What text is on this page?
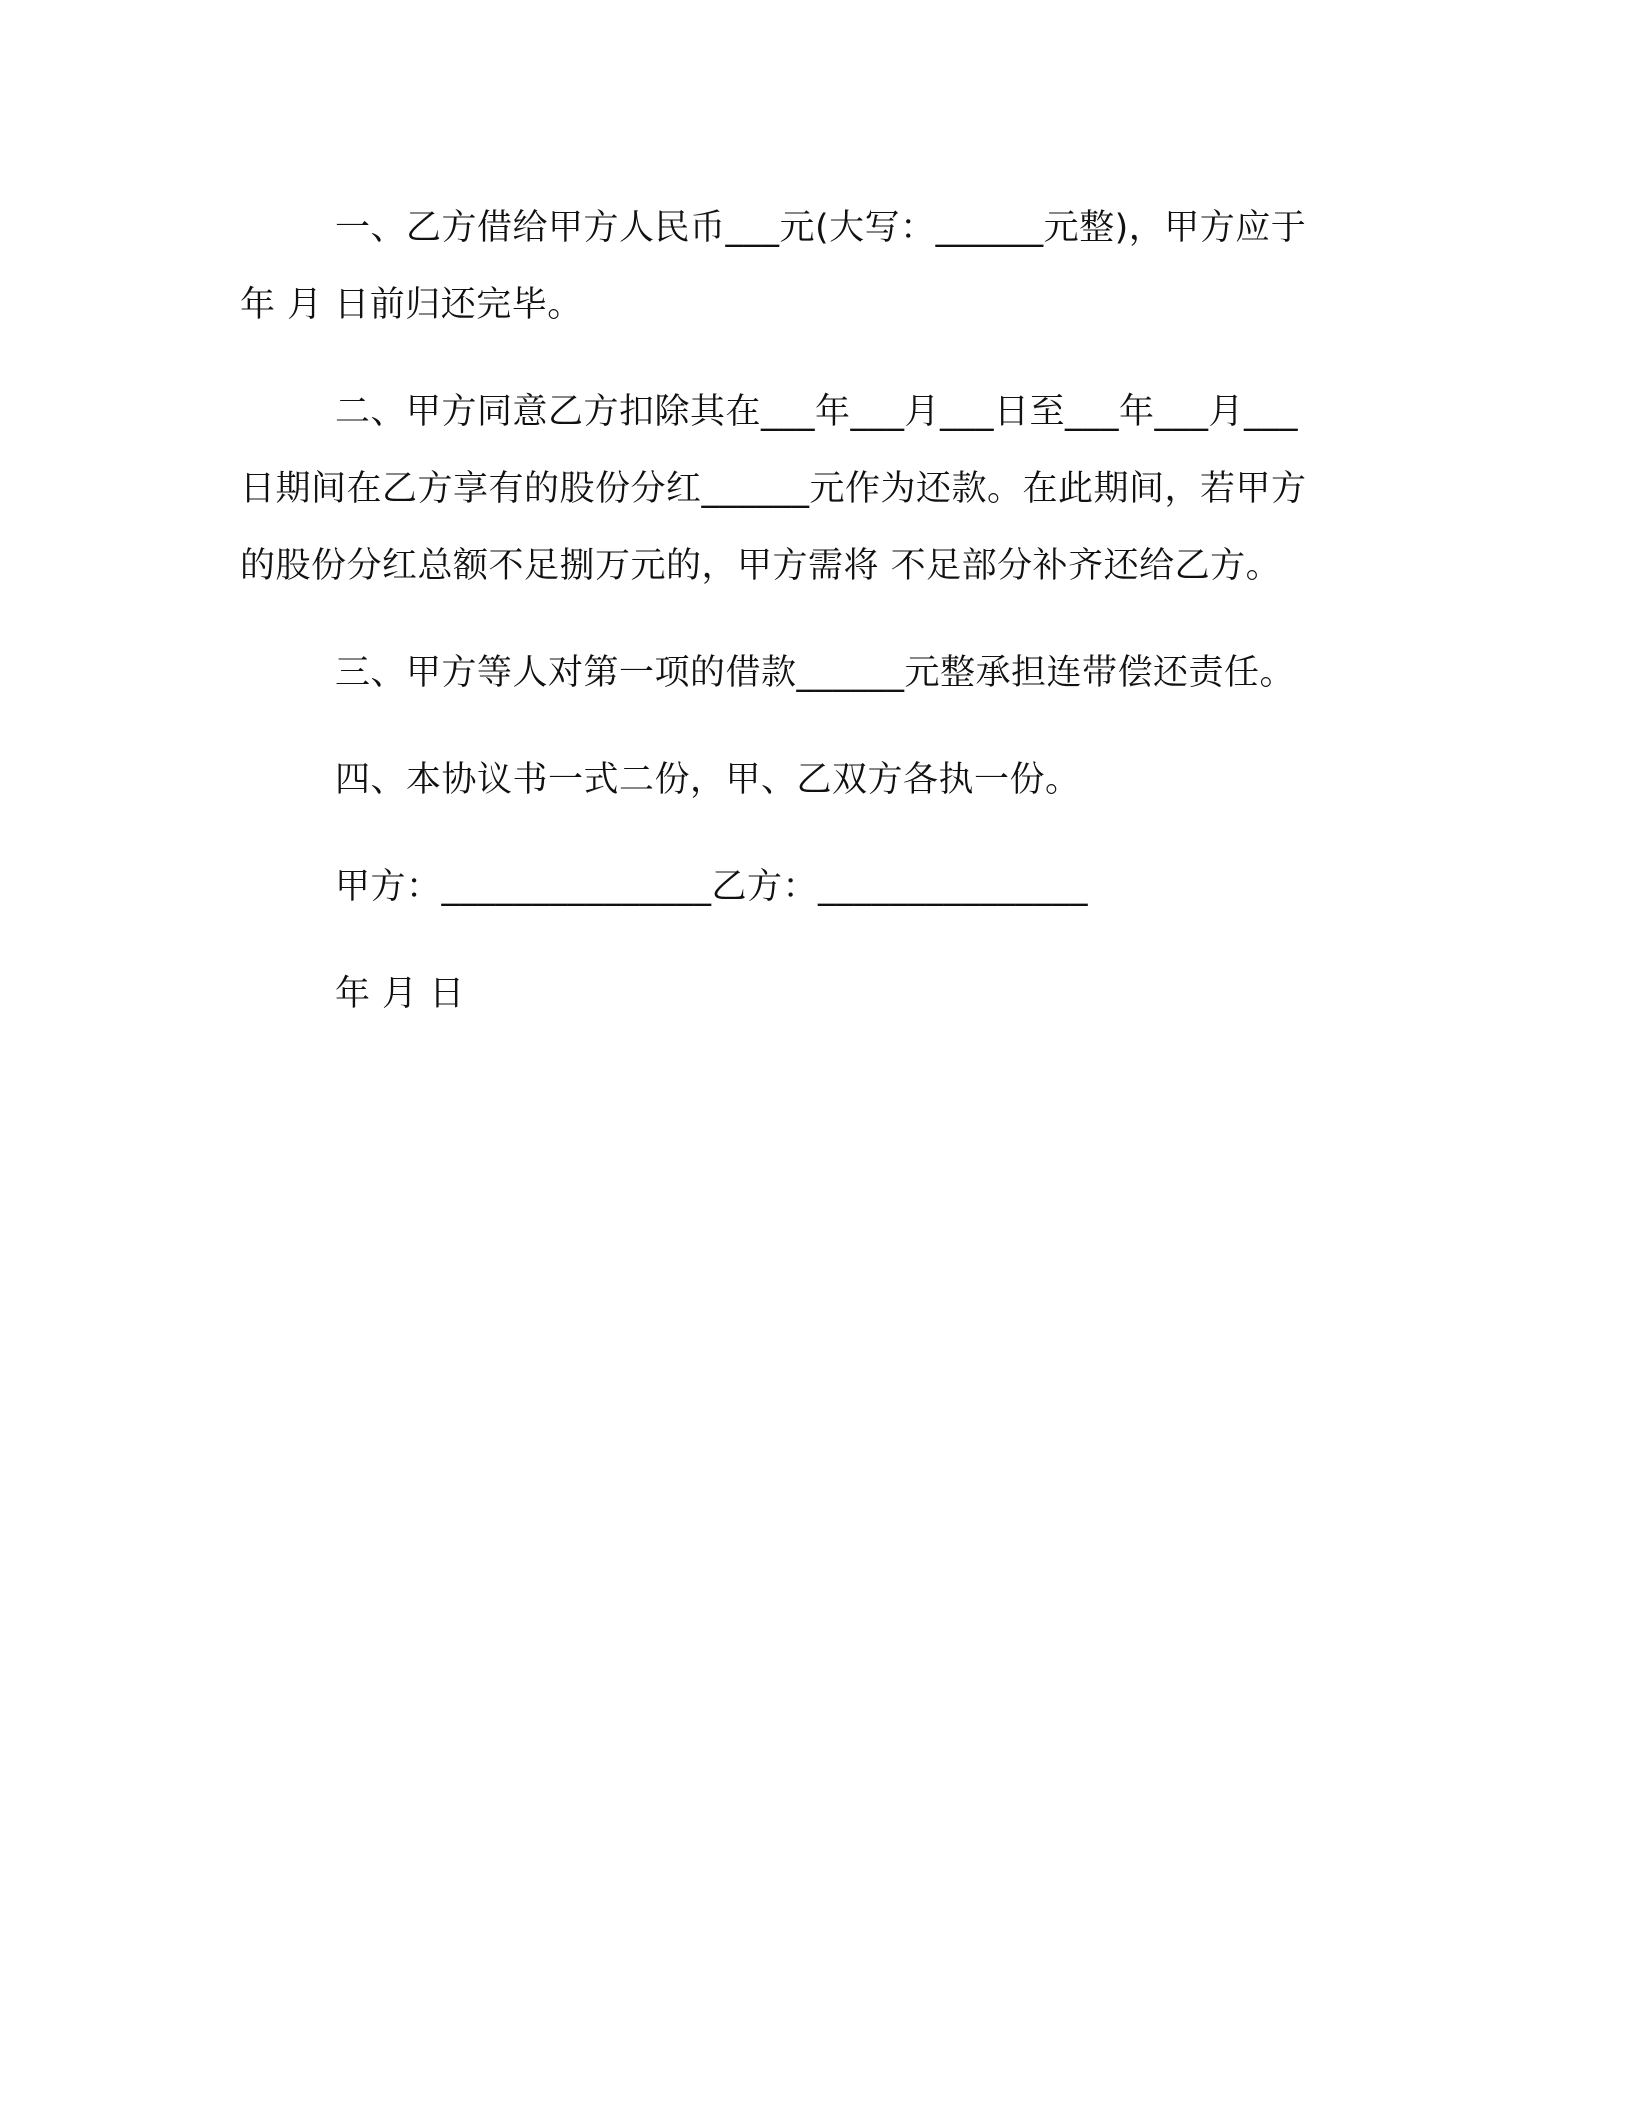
一、乙方借给甲方人民币___元(大写：______元整)，甲方应于
年 月 日前归还完毕。

二、甲方同意乙方扣除其在___年___月___日至___年___月___
日期间在乙方享有的股份分红______元作为还款。在此期间，若甲方
的股份分红总额不足捌万元的，甲方需将 不足部分补齐还给乙方。

三、甲方等人对第一项的借款______元整承担连带偿还责任。

四、本协议书一式二份，甲、乙双方各执一份。

甲方：_______________乙方：_______________

年 月 日
